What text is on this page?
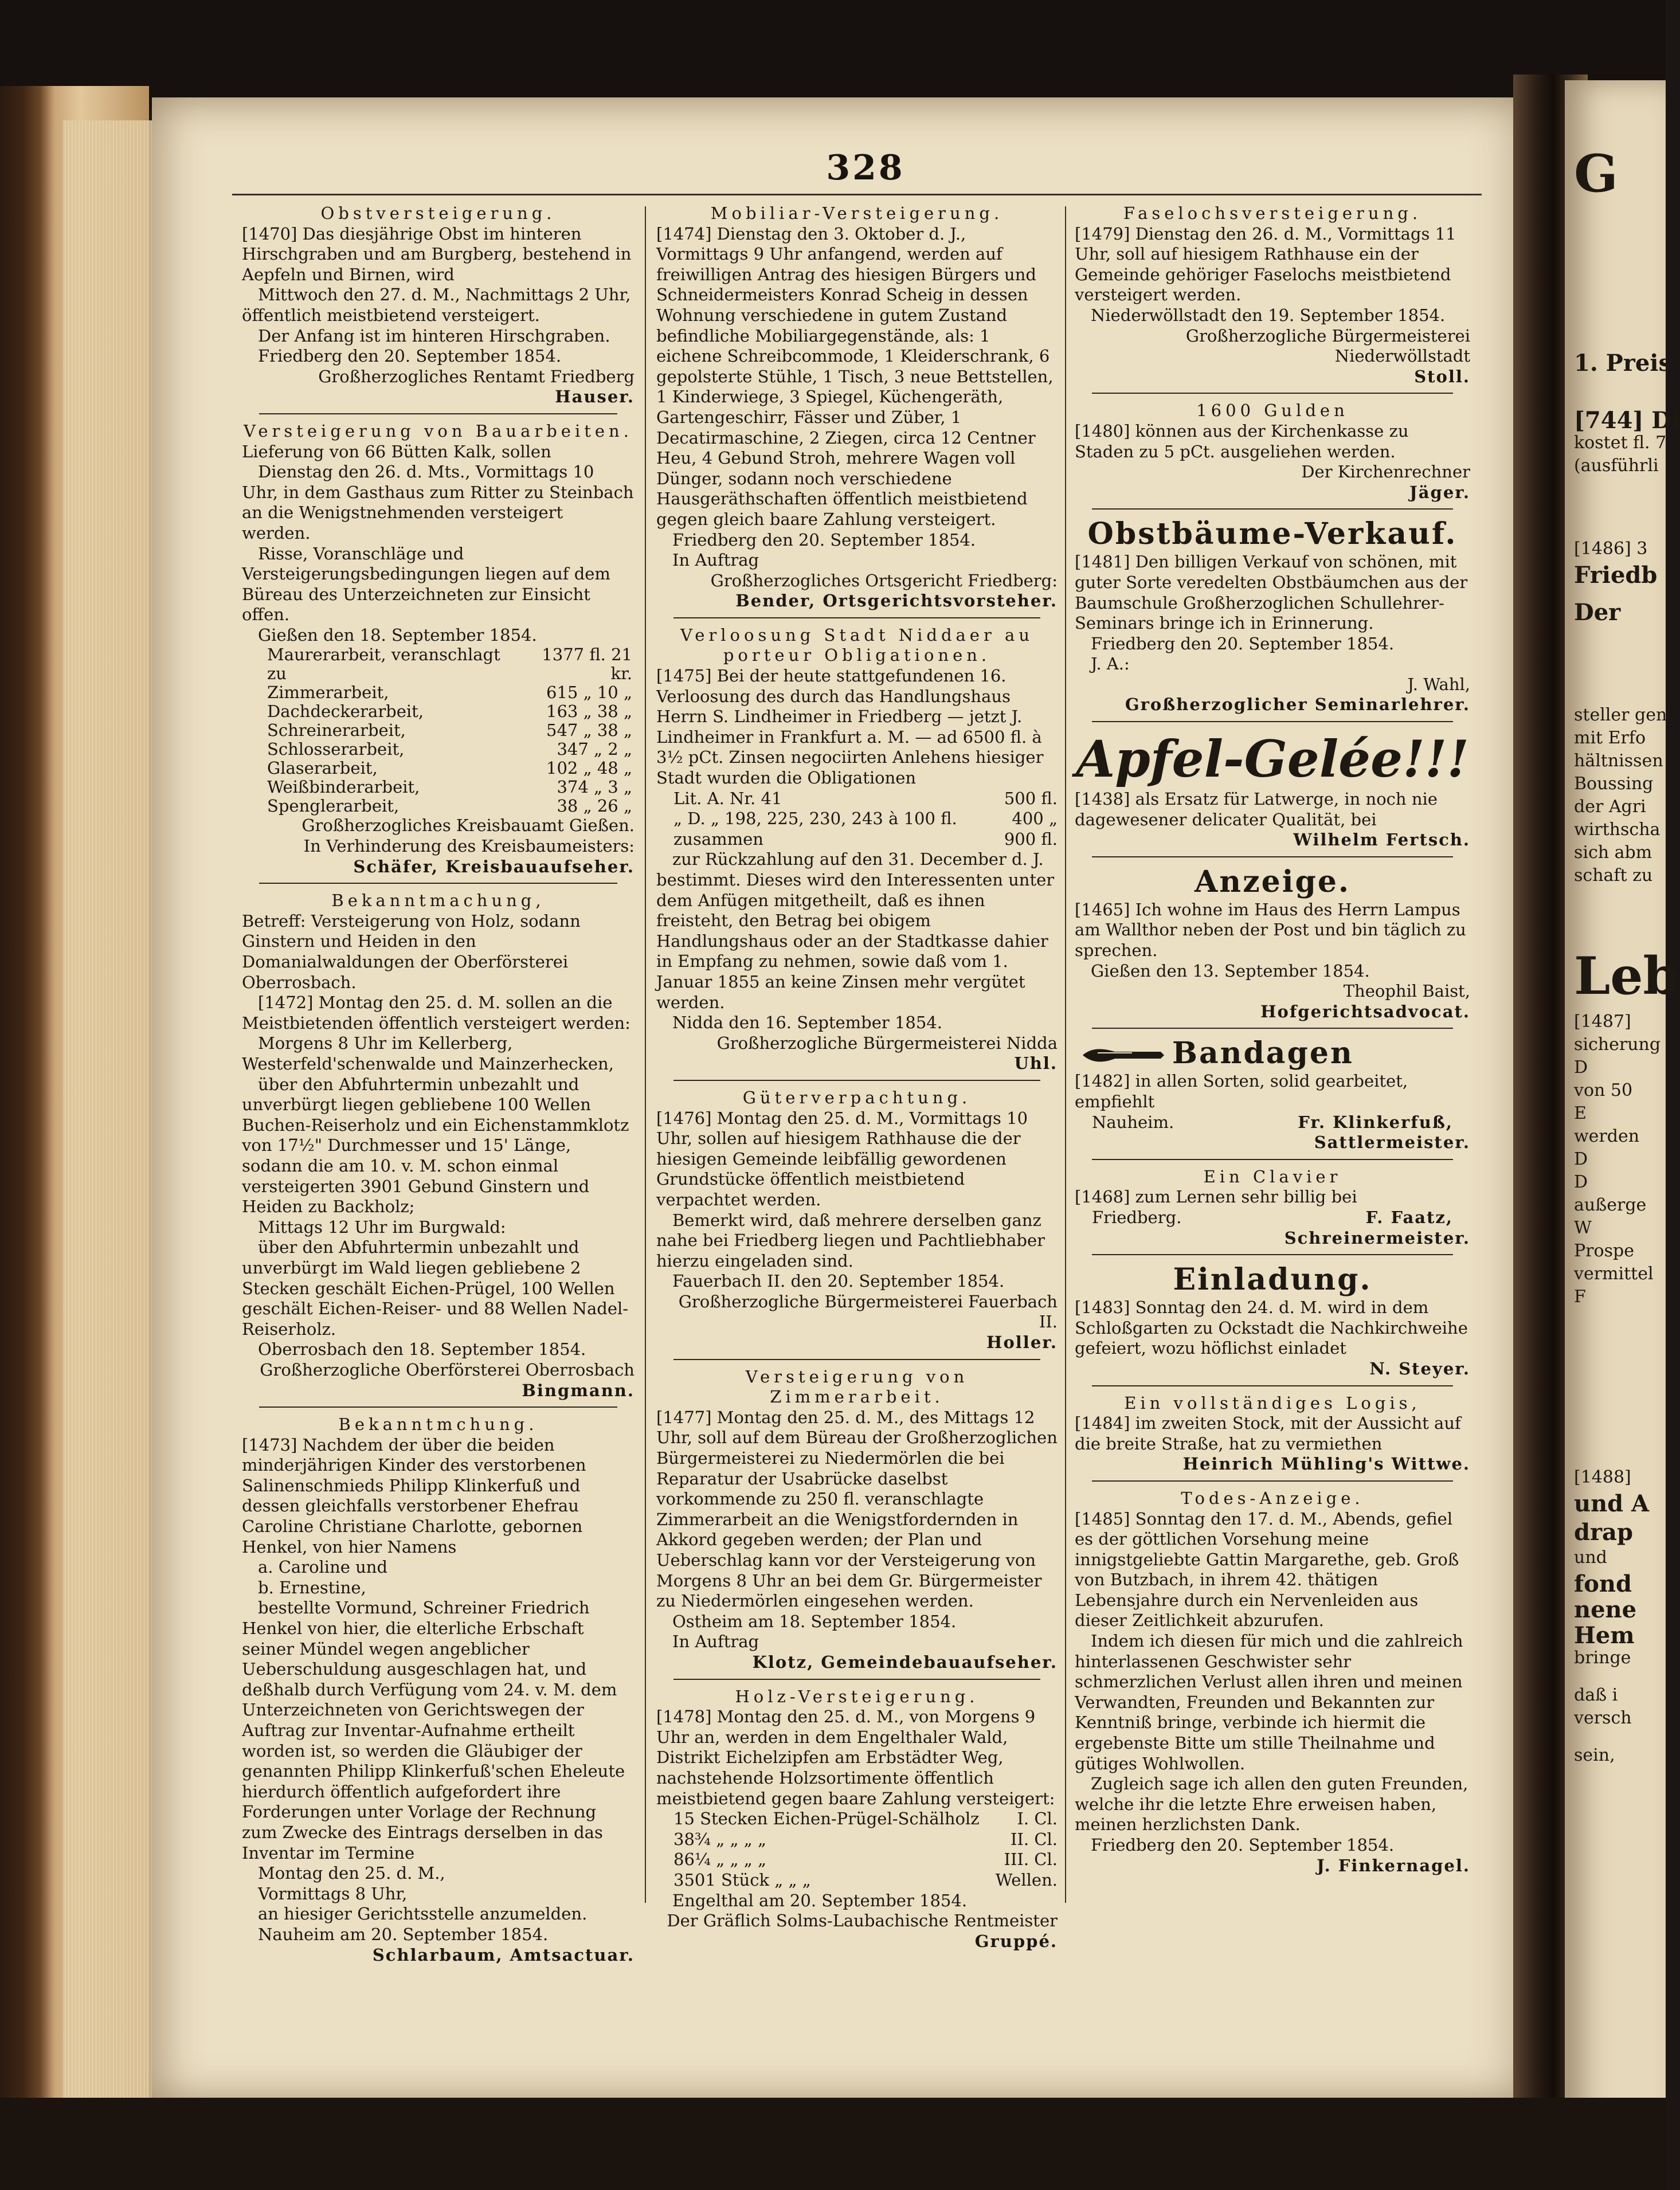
G
1. Preis
[744] Di
kostet fl. 7
(ausführli
[1486] 3
Friedb
Der
steller gen
mit Erfo
hältnissen
Boussing
der Agri
wirthscha
sich abm
schaft zu
Leb
[1487]
sicherung
D
von 50
E
werden
D
D
außerge
W
Prospe
vermittel
F
[1488]
und A
drap
und
fond
nene
Hem
bringe
daß i
versch
sein,
328

Obstversteigerung.

[1470] Das diesjährige Obst im hinteren Hirschgraben und am Burgberg, bestehend in Aepfeln und Birnen, wird

Mittwoch den 27. d. M., Nachmittags 2 Uhr, öffentlich meistbietend versteigert.

Der Anfang ist im hinteren Hirschgraben.

Friedberg den 20. September 1854.

Großherzogliches Rentamt Friedberg

Hauser.

Versteigerung von Bauarbeiten.

Lieferung von 66 Bütten Kalk, sollen

Dienstag den 26. d. Mts., Vormittags 10 Uhr, in dem Gasthaus zum Ritter zu Steinbach an die Wenigstnehmenden versteigert werden.

Risse, Voranschläge und Versteigerungsbedingungen liegen auf dem Büreau des Unterzeichneten zur Einsicht offen.

Gießen den 18. September 1854.

Maurerarbeit, veranschlagt zu	1377 fl. 21 kr.
Zimmerarbeit,	615 „ 10 „
Dachdeckerarbeit,	163 „ 38 „
Schreinerarbeit,	547 „ 38 „
Schlosserarbeit,	347 „ 2 „
Glaserarbeit,	102 „ 48 „
Weißbinderarbeit,	374 „ 3 „
Spenglerarbeit,	38 „ 26 „

Großherzogliches Kreisbauamt Gießen.

In Verhinderung des Kreisbaumeisters:

Schäfer, Kreisbauaufseher.

Bekanntmachung,

Betreff: Versteigerung von Holz, sodann Ginstern und Heiden in den Domanialwaldungen der Oberförsterei Oberrosbach.

[1472] Montag den 25. d. M. sollen an die Meistbietenden öffentlich versteigert werden:

Morgens 8 Uhr im Kellerberg, Westerfeld'schenwalde und Mainzerhecken,

über den Abfuhrtermin unbezahlt und unverbürgt liegen gebliebene 100 Wellen Buchen-Reiserholz und ein Eichenstammklotz von 17½" Durchmesser und 15' Länge, sodann die am 10. v. M. schon einmal versteigerten 3901 Gebund Ginstern und Heiden zu Backholz;

Mittags 12 Uhr im Burgwald:

über den Abfuhrtermin unbezahlt und unverbürgt im Wald liegen gebliebene 2 Stecken geschält Eichen-Prügel, 100 Wellen geschält Eichen-Reiser- und 88 Wellen Nadel-Reiserholz.

Oberrosbach den 18. September 1854.

Großherzogliche Oberförsterei Oberrosbach

Bingmann.

Bekanntmchung.

[1473] Nachdem der über die beiden minderjährigen Kinder des verstorbenen Salinenschmieds Philipp Klinkerfuß und dessen gleichfalls verstorbener Ehefrau Caroline Christiane Charlotte, gebornen Henkel, von hier Namens

a. Caroline und

b. Ernestine,

bestellte Vormund, Schreiner Friedrich Henkel von hier, die elterliche Erbschaft seiner Mündel wegen angeblicher Ueberschuldung ausgeschlagen hat, und deßhalb durch Verfügung vom 24. v. M. dem Unterzeichneten von Gerichtswegen der Auftrag zur Inventar-Aufnahme ertheilt worden ist, so werden die Gläubiger der genannten Philipp Klinkerfuß'schen Eheleute hierdurch öffentlich aufgefordert ihre Forderungen unter Vorlage der Rechnung zum Zwecke des Eintrags derselben in das Inventar im Termine

Montag den 25. d. M.,

Vormittags 8 Uhr,

an hiesiger Gerichtsstelle anzumelden.

Nauheim am 20. September 1854.

Schlarbaum, Amtsactuar.

Mobiliar-Versteigerung.

[1474] Dienstag den 3. Oktober d. J., Vormittags 9 Uhr anfangend, werden auf freiwilligen Antrag des hiesigen Bürgers und Schneidermeisters Konrad Scheig in dessen Wohnung verschiedene in gutem Zustand befindliche Mobiliargegenstände, als: 1 eichene Schreibcommode, 1 Kleiderschrank, 6 gepolsterte Stühle, 1 Tisch, 3 neue Bettstellen, 1 Kinderwiege, 3 Spiegel, Küchengeräth, Gartengeschirr, Fässer und Züber, 1 Decatirmaschine, 2 Ziegen, circa 12 Centner Heu, 4 Gebund Stroh, mehrere Wagen voll Dünger, sodann noch verschiedene Hausgeräthschaften öffentlich meistbietend gegen gleich baare Zahlung versteigert.

Friedberg den 20. September 1854.

In Auftrag

Großherzogliches Ortsgericht Friedberg:

Bender, Ortsgerichtsvorsteher.

Verloosung Stadt Niddaer au porteur Obligationen.

[1475] Bei der heute stattgefundenen 16. Verloosung des durch das Handlungshaus Herrn S. Lindheimer in Friedberg — jetzt J. Lindheimer in Frankfurt a. M. — ad 6500 fl. à 3½ pCt. Zinsen negociirten Anlehens hiesiger Stadt wurden die Obligationen

Lit. A. Nr. 41	500 fl.
„ D. „ 198, 225, 230, 243 à 100 fl.	400 „
zusammen	900 fl.

zur Rückzahlung auf den 31. December d. J. bestimmt. Dieses wird den Interessenten unter dem Anfügen mitgetheilt, daß es ihnen freisteht, den Betrag bei obigem Handlungshaus oder an der Stadtkasse dahier in Empfang zu nehmen, sowie daß vom 1. Januar 1855 an keine Zinsen mehr vergütet werden.

Nidda den 16. September 1854.

Großherzogliche Bürgermeisterei Nidda

Uhl.

Güterverpachtung.

[1476] Montag den 25. d. M., Vormittags 10 Uhr, sollen auf hiesigem Rathhause die der hiesigen Gemeinde leibfällig gewordenen Grundstücke öffentlich meistbietend verpachtet werden.

Bemerkt wird, daß mehrere derselben ganz nahe bei Friedberg liegen und Pachtliebhaber hierzu eingeladen sind.

Fauerbach II. den 20. September 1854.

Großherzogliche Bürgermeisterei Fauerbach II.

Holler.

Versteigerung von Zimmerarbeit.

[1477] Montag den 25. d. M., des Mittags 12 Uhr, soll auf dem Büreau der Großherzoglichen Bürgermeisterei zu Niedermörlen die bei Reparatur der Usabrücke daselbst vorkommende zu 250 fl. veranschlagte Zimmerarbeit an die Wenigstfordernden in Akkord gegeben werden; der Plan und Ueberschlag kann vor der Versteigerung von Morgens 8 Uhr an bei dem Gr. Bürgermeister zu Niedermörlen eingesehen werden.

Ostheim am 18. September 1854.

In Auftrag

Klotz, Gemeindebauaufseher.

Holz-Versteigerung.

[1478] Montag den 25. d. M., von Morgens 9 Uhr an, werden in dem Engelthaler Wald, Distrikt Eichelzipfen am Erbstädter Weg, nachstehende Holzsortimente öffentlich meistbietend gegen baare Zahlung versteigert:

15 Stecken Eichen-Prügel-Schälholz I. Cl.
38¾ „ „ „ „	II. Cl.
86¼ „ „ „ „	III. Cl.
3501 Stück „ „ „	Wellen.

Engelthal am 20. September 1854.

Der Gräflich Solms-Laubachische Rentmeister

Gruppé.

Faselochsversteigerung.

[1479] Dienstag den 26. d. M., Vormittags 11 Uhr, soll auf hiesigem Rathhause ein der Gemeinde gehöriger Faselochs meistbietend versteigert werden.

Niederwöllstadt den 19. September 1854.

Großherzogliche Bürgermeisterei Niederwöllstadt

Stoll.

1600 Gulden

[1480] können aus der Kirchenkasse zu Staden zu 5 pCt. ausgeliehen werden.

Der Kirchenrechner

Jäger.

Obstbäume-Verkauf.

[1481] Den billigen Verkauf von schönen, mit guter Sorte veredelten Obstbäumchen aus der Baumschule Großherzoglichen Schullehrer-Seminars bringe ich in Erinnerung.

Friedberg den 20. September 1854.

J. A.:

J. Wahl,

Großherzoglicher Seminarlehrer.

Apfel-Gelée!!!

[1438] als Ersatz für Latwerge, in noch nie dagewesener delicater Qualität, bei

Wilhelm Fertsch.

Anzeige.

[1465] Ich wohne im Haus des Herrn Lampus am Wallthor neben der Post und bin täglich zu sprechen.

Gießen den 13. September 1854.

Theophil Baist,

Hofgerichtsadvocat.

Bandagen

[1482] in allen Sorten, solid gearbeitet, empfiehlt

Nauheim.	Fr. Klinkerfuß,

Sattlermeister.

Ein Clavier

[1468] zum Lernen sehr billig bei

Friedberg.	F. Faatz,

Schreinermeister.

Einladung.

[1483] Sonntag den 24. d. M. wird in dem Schloßgarten zu Ockstadt die Nachkirchweihe gefeiert, wozu höflichst einladet

N. Steyer.

Ein vollständiges Logis,

[1484] im zweiten Stock, mit der Aussicht auf die breite Straße, hat zu vermiethen

Heinrich Mühling's Wittwe.

Todes-Anzeige.

[1485] Sonntag den 17. d. M., Abends, gefiel es der göttlichen Vorsehung meine innigstgeliebte Gattin Margarethe, geb. Groß von Butzbach, in ihrem 42. thätigen Lebensjahre durch ein Nervenleiden aus dieser Zeitlichkeit abzurufen.

Indem ich diesen für mich und die zahlreich hinterlassenen Geschwister sehr schmerzlichen Verlust allen ihren und meinen Verwandten, Freunden und Bekannten zur Kenntniß bringe, verbinde ich hiermit die ergebenste Bitte um stille Theilnahme und gütiges Wohlwollen.

Zugleich sage ich allen den guten Freunden, welche ihr die letzte Ehre erweisen haben, meinen herzlichsten Dank.

Friedberg den 20. September 1854.

J. Finkernagel.
